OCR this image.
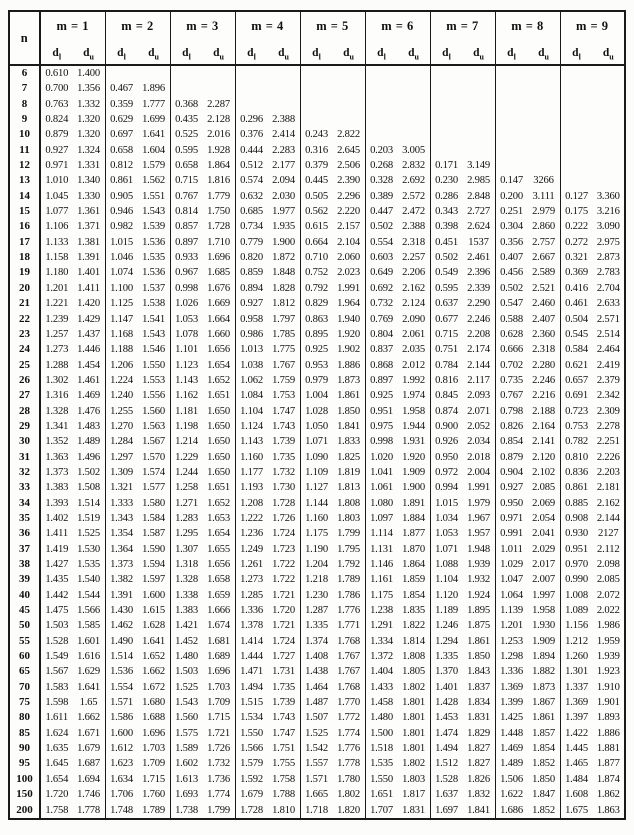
n	m = 1		m = 2		m = 3		m = 4		m = 5		m = 6		m = 7		m = 8		m = 9	
	$d_l$	$d_u$	$d_l$	$d_u$	$d_l$	$d_u$	$d_l$	$d_u$	$d_l$	$d_u$	$d_l$	$d_u$	$d_l$	$d_u$	$d_l$	$d_u$	$d_l$	$d_u$
6	0.610	1.400																
7	0.700	1.356	0.467	1.896														
8	0.763	1.332	0.359	1.777	0.368	2.287												
9	0.824	1.320	0.629	1.699	0.435	2.128	0.296	2.388										
10	0.879	1.320	0.697	1.641	0.525	2.016	0.376	2.414	0.243	2.822								
11	0.927	1.324	0.658	1.604	0.595	1.928	0.444	2.283	0.316	2.645	0.203	3.005						
12	0.971	1.331	0.812	1.579	0.658	1.864	0.512	2.177	0.379	2.506	0.268	2.832	0.171	3.149				
13	1.010	1.340	0.861	1.562	0.715	1.816	0.574	2.094	0.445	2.390	0.328	2.692	0.230	2.985	0.147	3266		
14	1.045	1.330	0.905	1.551	0.767	1.779	0.632	2.030	0.505	2.296	0.389	2.572	0.286	2.848	0.200	3.111	0.127	3.360
15	1.077	1.361	0.946	1.543	0.814	1.750	0.685	1.977	0.562	2.220	0.447	2.472	0.343	2.727	0.251	2.979	0.175	3.216
16	1.106	1.371	0.982	1.539	0.857	1.728	0.734	1.935	0.615	2.157	0.502	2.388	0.398	2.624	0.304	2.860	0.222	3.090
17	1.133	1.381	1.015	1.536	0.897	1.710	0.779	1.900	0.664	2.104	0.554	2.318	0.451	1537	0.356	2.757	0.272	2.975
18	1.158	1.391	1.046	1.535	0.933	1.696	0.820	1.872	0.710	2.060	0.603	2.257	0.502	2.461	0.407	2.667	0.321	2.873
19	1.180	1.401	1.074	1.536	0.967	1.685	0.859	1.848	0.752	2.023	0.649	2.206	0.549	2.396	0.456	2.589	0.369	2.783
20	1.201	1.411	1.100	1.537	0.998	1.676	0.894	1.828	0.792	1.991	0.692	2.162	0.595	2.339	0.502	2.521	0.416	2.704
21	1.221	1.420	1.125	1.538	1.026	1.669	0.927	1.812	0.829	1.964	0.732	2.124	0.637	2.290	0.547	2.460	0.461	2.633
22	1.239	1.429	1.147	1.541	1.053	1.664	0.958	1.797	0.863	1.940	0.769	2.090	0.677	2.246	0.588	2.407	0.504	2.571
23	1.257	1.437	1.168	1.543	1.078	1.660	0.986	1.785	0.895	1.920	0.804	2.061	0.715	2.208	0.628	2.360	0.545	2.514
24	1.273	1.446	1.188	1.546	1.101	1.656	1.013	1.775	0.925	1.902	0.837	2.035	0.751	2.174	0.666	2.318	0.584	2.464
25	1.288	1.454	1.206	1.550	1.123	1.654	1.038	1.767	0.953	1.886	0.868	2.012	0.784	2.144	0.702	2.280	0.621	2.419
26	1.302	1.461	1.224	1.553	1.143	1.652	1.062	1.759	0.979	1.873	0.897	1.992	0.816	2.117	0.735	2.246	0.657	2.379
27	1.316	1.469	1.240	1.556	1.162	1.651	1.084	1.753	1.004	1.861	0.925	1.974	0.845	2.093	0.767	2.216	0.691	2.342
28	1.328	1.476	1.255	1.560	1.181	1.650	1.104	1.747	1.028	1.850	0.951	1.958	0.874	2.071	0.798	2.188	0.723	2.309
29	1.341	1.483	1.270	1.563	1.198	1.650	1.124	1.743	1.050	1.841	0.975	1.944	0.900	2.052	0.826	2.164	0.753	2.278
30	1.352	1.489	1.284	1.567	1.214	1.650	1.143	1.739	1.071	1.833	0.998	1.931	0.926	2.034	0.854	2.141	0.782	2.251
31	1.363	1.496	1.297	1.570	1.229	1.650	1.160	1.735	1.090	1.825	1.020	1.920	0.950	2.018	0.879	2.120	0.810	2.226
32	1.373	1.502	1.309	1.574	1.244	1.650	1.177	1.732	1.109	1.819	1.041	1.909	0.972	2.004	0.904	2.102	0.836	2.203
33	1.383	1.508	1.321	1.577	1.258	1.651	1.193	1.730	1.127	1.813	1.061	1.900	0.994	1.991	0.927	2.085	0.861	2.181
34	1.393	1.514	1.333	1.580	1.271	1.652	1.208	1.728	1.144	1.808	1.080	1.891	1.015	1.979	0.950	2.069	0.885	2.162
35	1.402	1.519	1.343	1.584	1.283	1.653	1.222	1.726	1.160	1.803	1.097	1.884	1.034	1.967	0.971	2.054	0.908	2.144
36	1.411	1.525	1.354	1.587	1.295	1.654	1.236	1.724	1.175	1.799	1.114	1.877	1.053	1.957	0.991	2.041	0.930	2127
37	1.419	1.530	1.364	1.590	1.307	1.655	1.249	1.723	1.190	1.795	1.131	1.870	1.071	1.948	1.011	2.029	0.951	2.112
38	1.427	1.535	1.373	1.594	1.318	1.656	1.261	1.722	1.204	1.792	1.146	1.864	1.088	1.939	1.029	2.017	0.970	2.098
39	1.435	1.540	1.382	1.597	1.328	1.658	1.273	1.722	1.218	1.789	1.161	1.859	1.104	1.932	1.047	2.007	0.990	2.085
40	1.442	1.544	1.391	1.600	1.338	1.659	1.285	1.721	1.230	1.786	1.175	1.854	1.120	1.924	1.064	1.997	1.008	2.072
45	1.475	1.566	1.430	1.615	1.383	1.666	1.336	1.720	1.287	1.776	1.238	1.835	1.189	1.895	1.139	1.958	1.089	2.022
50	1.503	1.585	1.462	1.628	1.421	1.674	1.378	1.721	1.335	1.771	1.291	1.822	1.246	1.875	1.201	1.930	1.156	1.986
55	1.528	1.601	1.490	1.641	1.452	1.681	1.414	1.724	1.374	1.768	1.334	1.814	1.294	1.861	1.253	1.909	1.212	1.959
60	1.549	1.616	1.514	1.652	1.480	1.689	1.444	1.727	1.408	1.767	1.372	1.808	1.335	1.850	1.298	1.894	1.260	1.939
65	1.567	1.629	1.536	1.662	1.503	1.696	1.471	1.731	1.438	1.767	1.404	1.805	1.370	1.843	1.336	1.882	1.301	1.923
70	1.583	1.641	1.554	1.672	1.525	1.703	1.494	1.735	1.464	1.768	1.433	1.802	1.401	1.837	1.369	1.873	1.337	1.910
75	1.598	1.65	1.571	1.680	1.543	1.709	1.515	1.739	1.487	1.770	1.458	1.801	1.428	1.834	1.399	1.867	1.369	1.901
80	1.611	1.662	1.586	1.688	1.560	1.715	1.534	1.743	1.507	1.772	1.480	1.801	1.453	1.831	1.425	1.861	1.397	1.893
85	1.624	1.671	1.600	1.696	1.575	1.721	1.550	1.747	1.525	1.774	1.500	1.801	1.474	1.829	1.448	1.857	1.422	1.886
90	1.635	1.679	1.612	1.703	1.589	1.726	1.566	1.751	1.542	1.776	1.518	1.801	1.494	1.827	1.469	1.854	1.445	1.881
95	1.645	1.687	1.623	1.709	1.602	1.732	1.579	1.755	1.557	1.778	1.535	1.802	1.512	1.827	1.489	1.852	1.465	1.877
100	1.654	1.694	1.634	1.715	1.613	1.736	1.592	1.758	1.571	1.780	1.550	1.803	1.528	1.826	1.506	1.850	1.484	1.874
150	1.720	1.746	1.706	1.760	1.693	1.774	1.679	1.788	1.665	1.802	1.651	1.817	1.637	1.832	1.622	1.847	1.608	1.862
200	1.758	1.778	1.748	1.789	1.738	1.799	1.728	1.810	1.718	1.820	1.707	1.831	1.697	1.841	1.686	1.852	1.675	1.863
